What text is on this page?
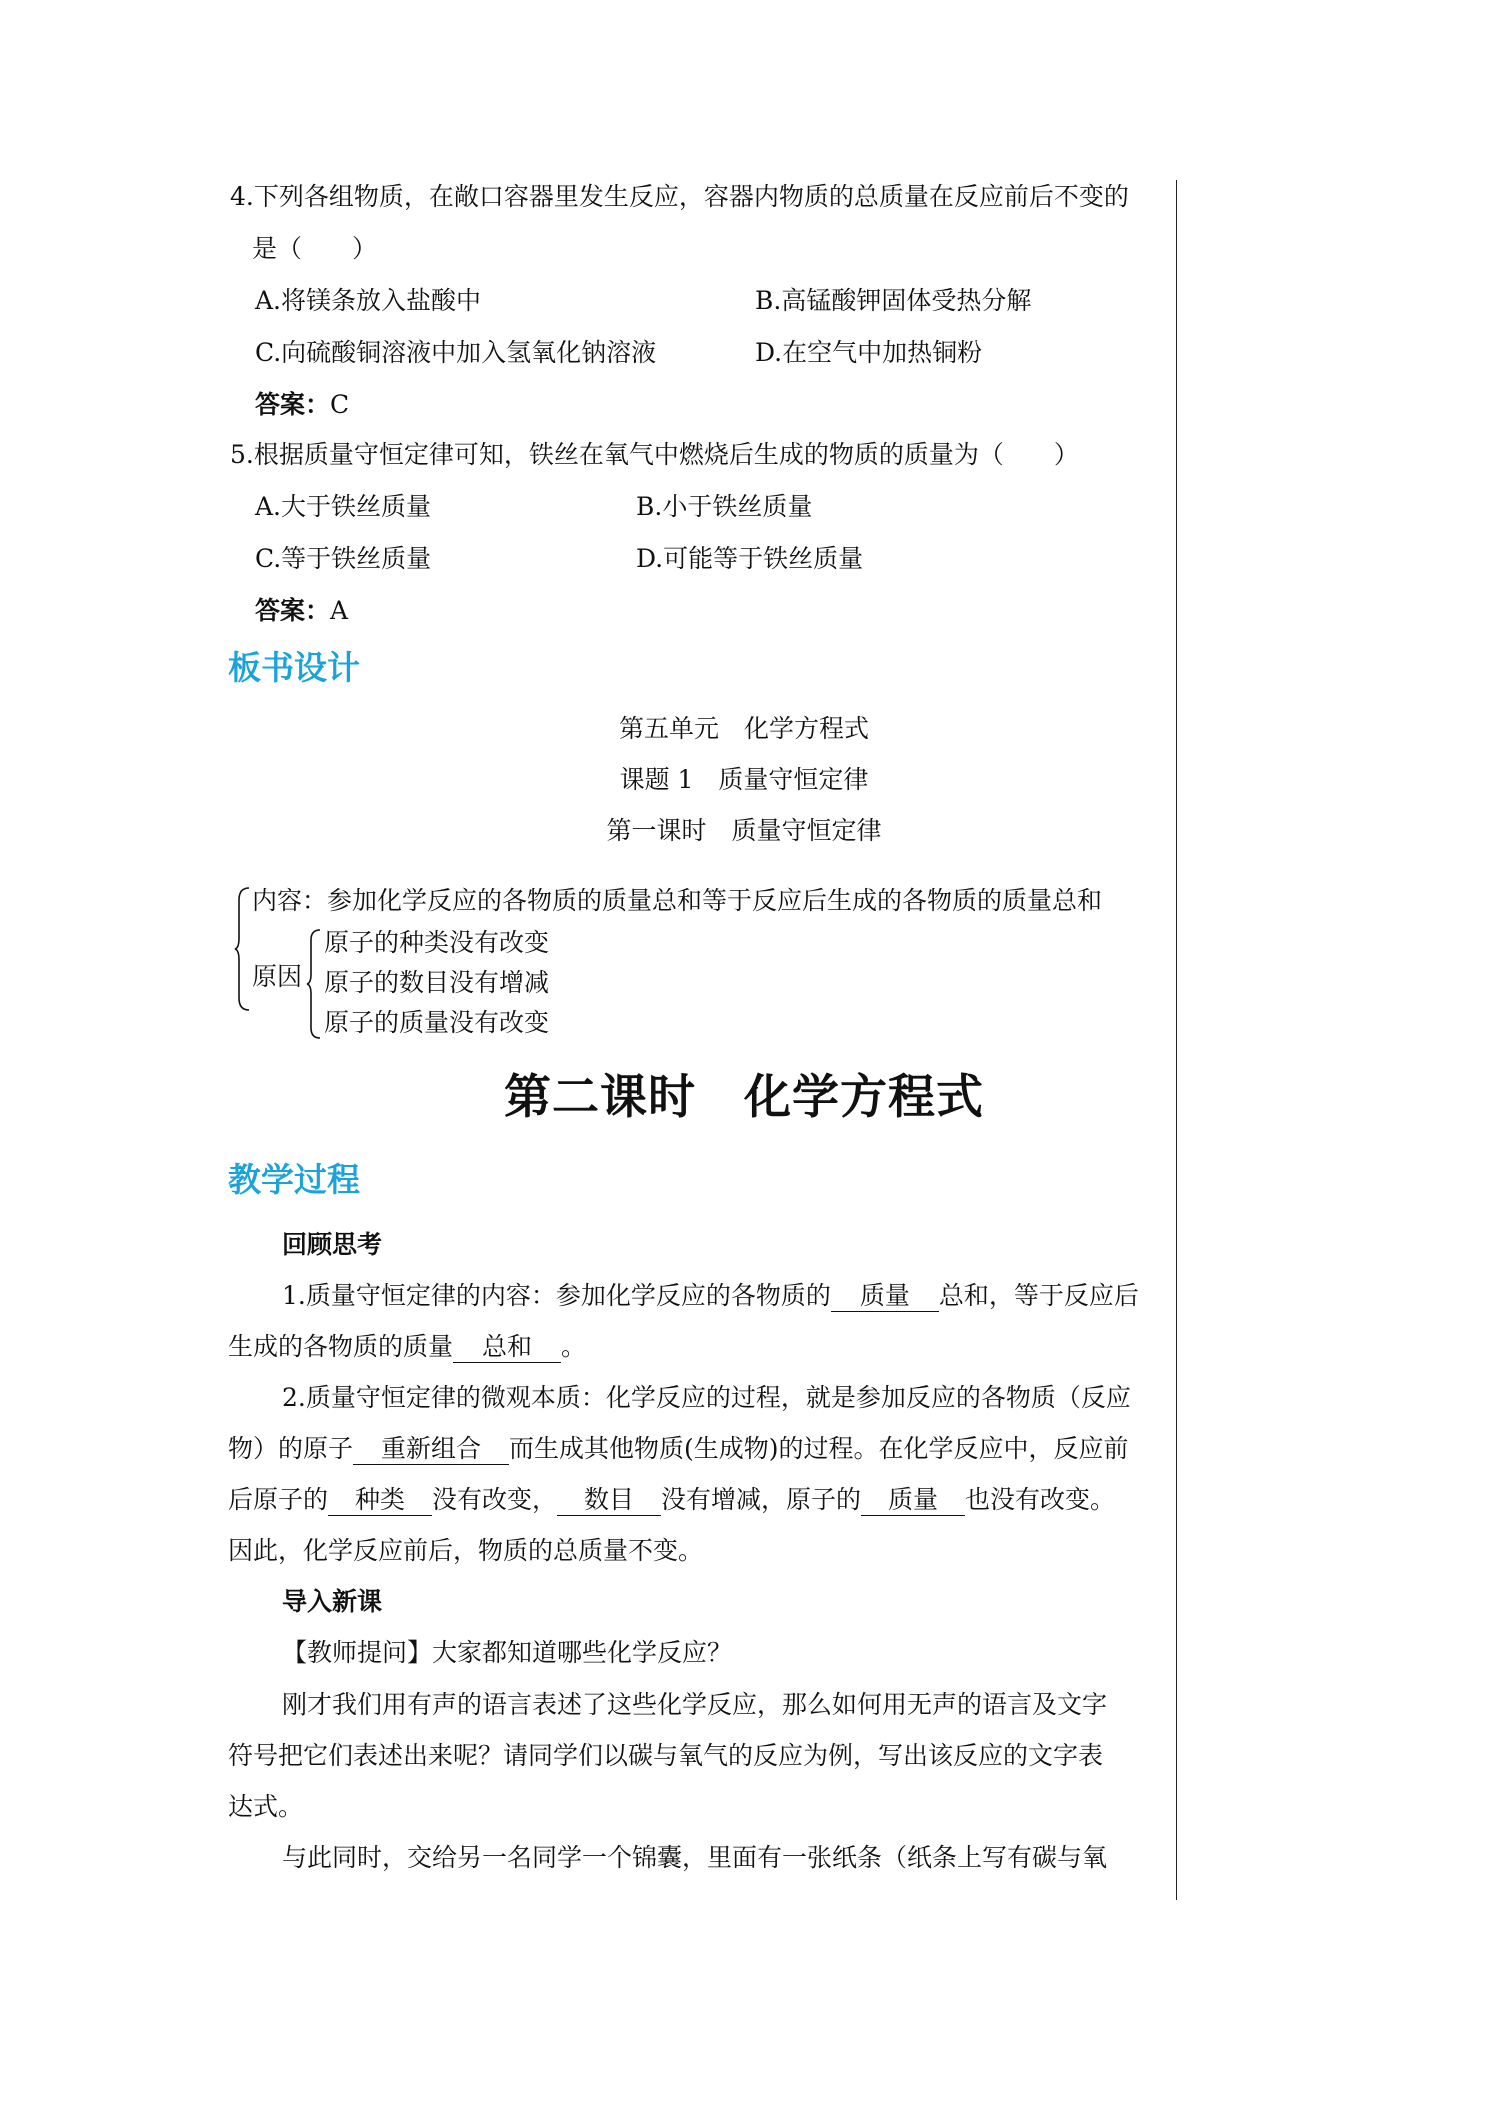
4.下列各组物质，在敞口容器里发生反应，容器内物质的总质量在反应前后不变的
是（　　）
A.将镁条放入盐酸中	B.高锰酸钾固体受热分解
C.向硫酸铜溶液中加入氢氧化钠溶液	D.在空气中加热铜粉
答案：C
5.根据质量守恒定律可知，铁丝在氧气中燃烧后生成的物质的质量为（　　）
A.大于铁丝质量	B.小于铁丝质量
C.等于铁丝质量	D.可能等于铁丝质量
答案：A
板书设计
第五单元　化学方程式
课题 1　质量守恒定律
第一课时　质量守恒定律
内容：参加化学反应的各物质的质量总和等于反应后生成的各物质的质量总和
原因
原子的种类没有改变
原子的数目没有增减
原子的质量没有改变
第二课时　化学方程式
教学过程
回顾思考
1.质量守恒定律的内容：参加化学反应的各物质的 质量 总和，等于反应后
生成的各物质的质量 总和 。
2.质量守恒定律的微观本质：化学反应的过程，就是参加反应的各物质（反应
物）的原子 重新组合 而生成其他物质(生成物)的过程。在化学反应中，反应前
后原子的 种类 没有改变， 数目 没有增减，原子的 质量 也没有改变。
因此，化学反应前后，物质的总质量不变。
导入新课
【教师提问】大家都知道哪些化学反应？
刚才我们用有声的语言表述了这些化学反应，那么如何用无声的语言及文字
符号把它们表述出来呢？请同学们以碳与氧气的反应为例，写出该反应的文字表
达式。
与此同时，交给另一名同学一个锦囊，里面有一张纸条（纸条上写有碳与氧
